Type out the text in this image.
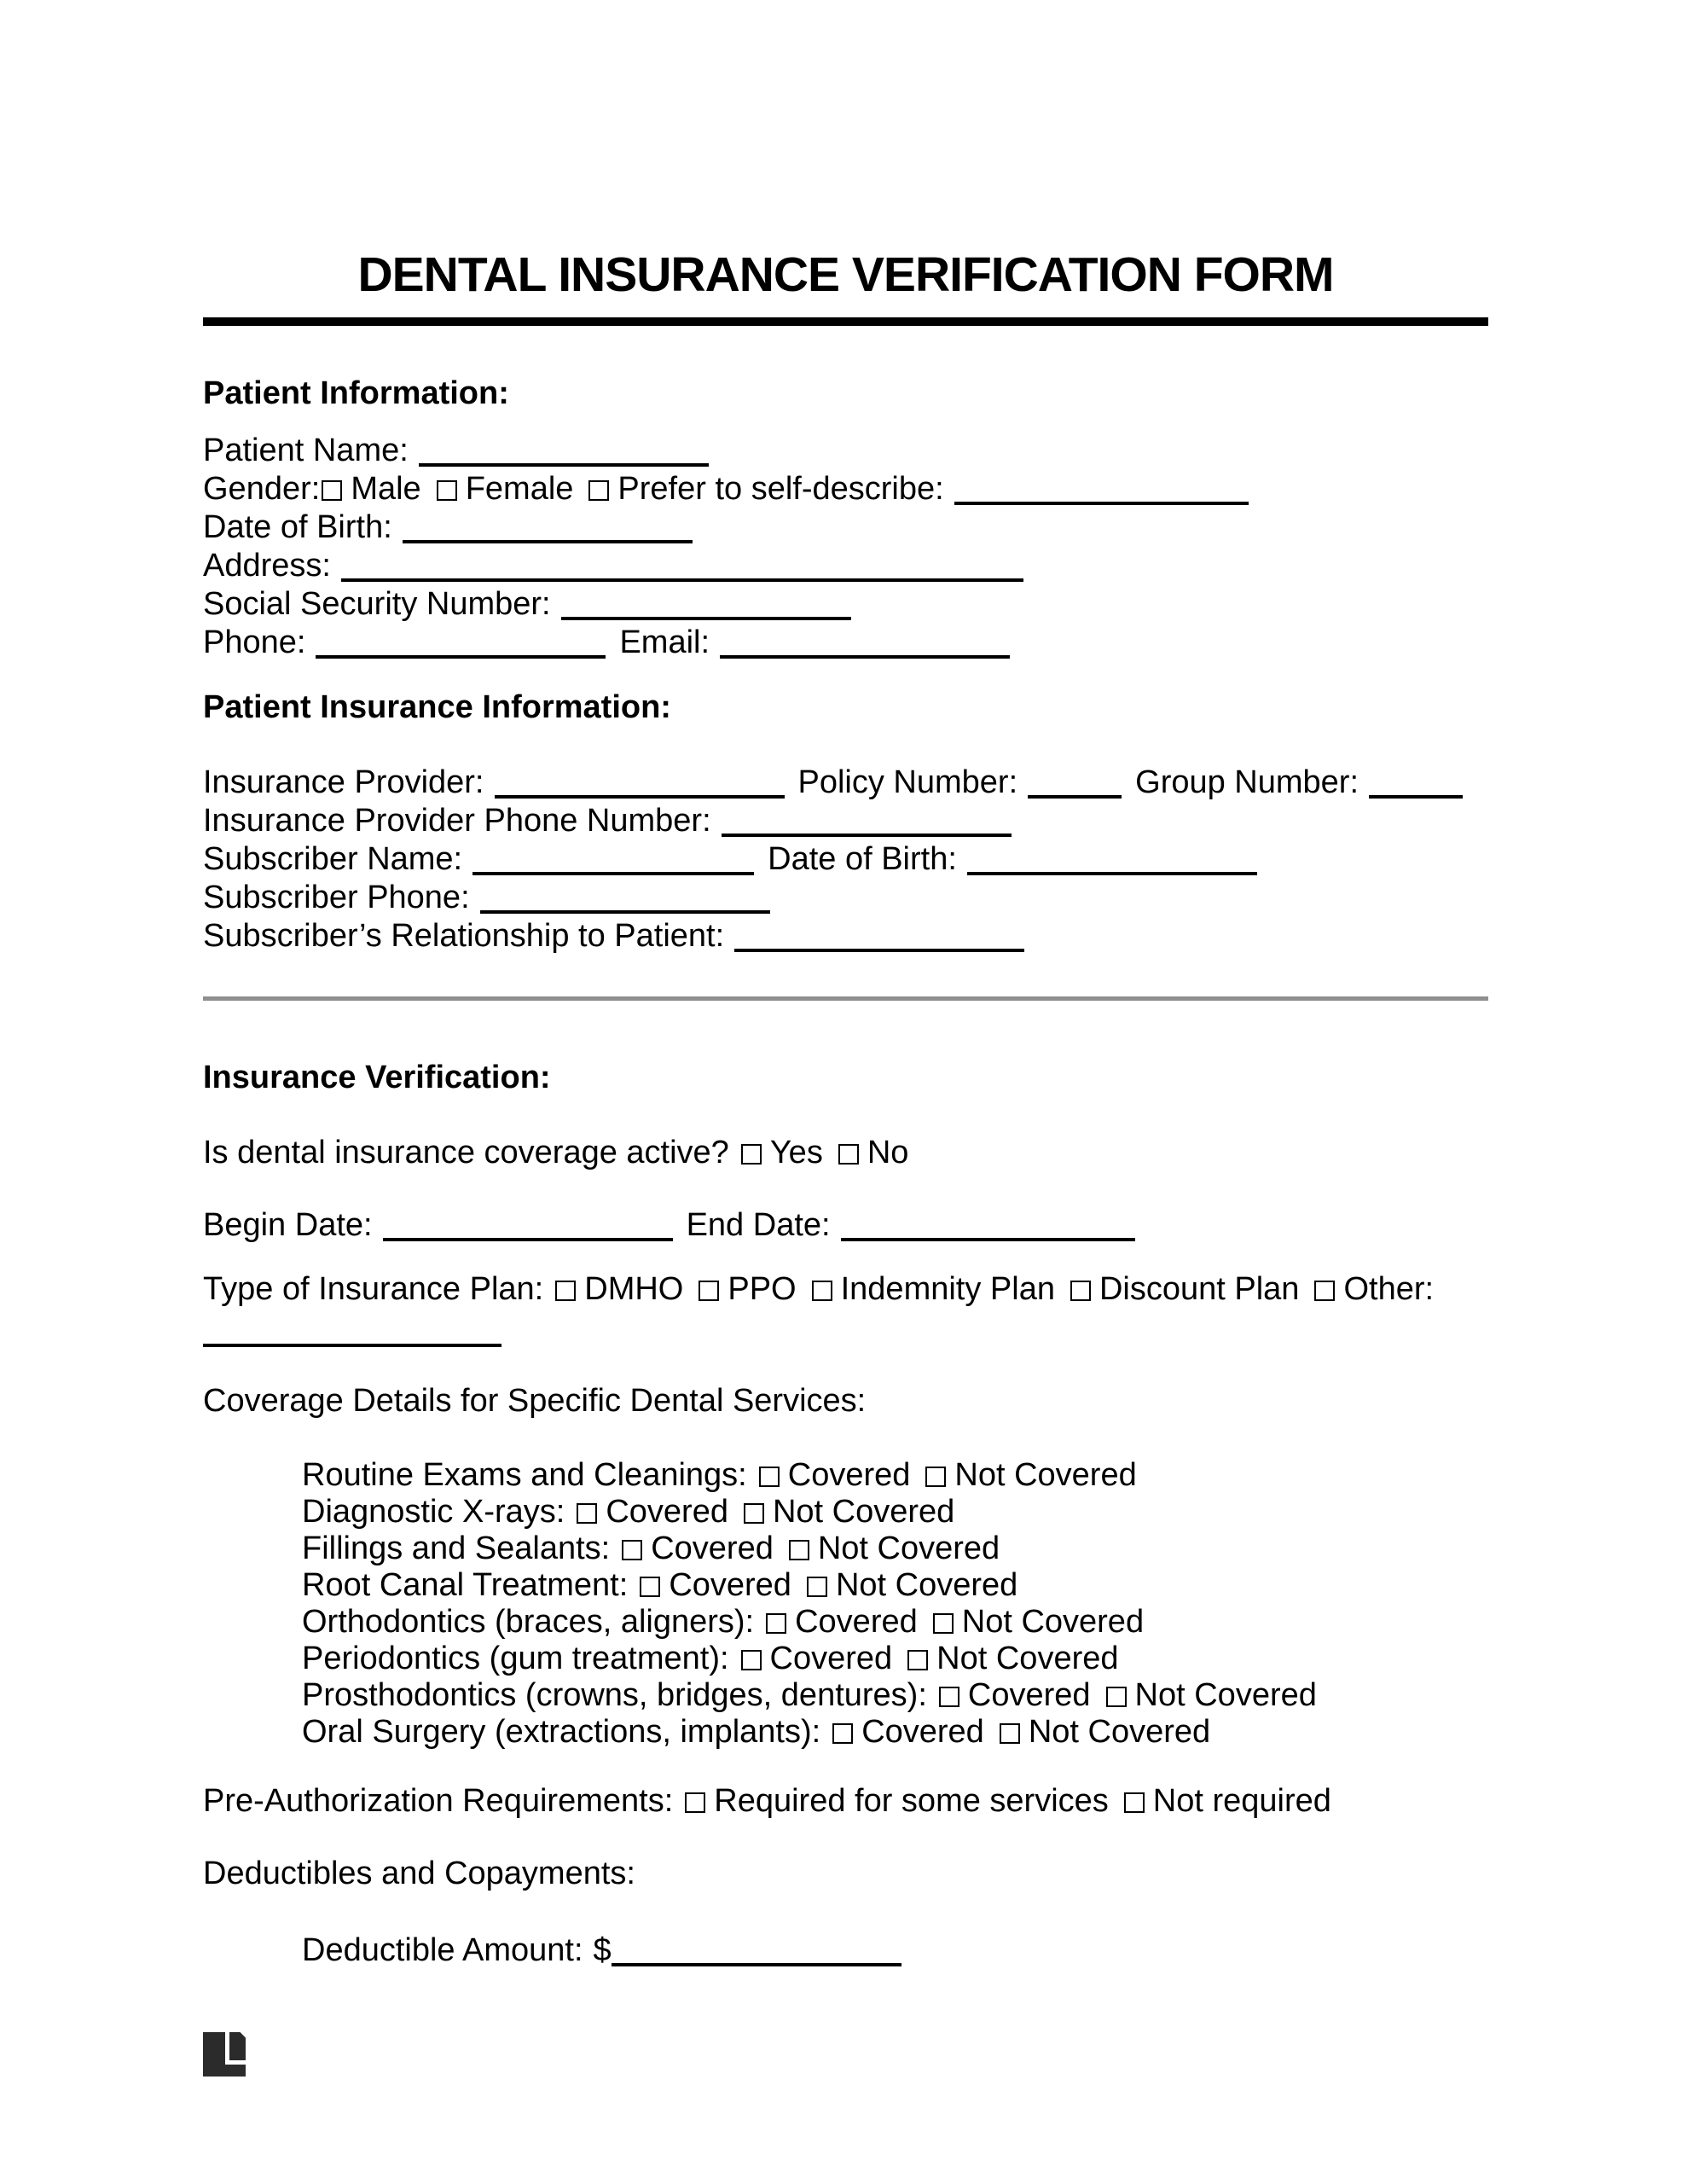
DENTAL INSURANCE VERIFICATION FORM
Patient Information:
Patient Name:
Gender: Male Female Prefer to self-describe:
Date of Birth:
Address:
Social Security Number:
Phone:	Email:
Patient Insurance Information:
Insurance Provider:	Policy Number:	Group Number:
Insurance Provider Phone Number:
Subscriber Name:	Date of Birth:
Subscriber Phone:
Subscriber’s Relationship to Patient:
Insurance Verification:
Is dental insurance coverage active? Yes No
Begin Date:	End Date:
Type of Insurance Plan: DMHO PPO Indemnity Plan Discount Plan Other:
Coverage Details for Specific Dental Services:
Routine Exams and Cleanings: Covered Not Covered
Diagnostic X-rays: Covered Not Covered
Fillings and Sealants: Covered Not Covered
Root Canal Treatment: Covered Not Covered
Orthodontics (braces, aligners): Covered Not Covered
Periodontics (gum treatment): Covered Not Covered
Prosthodontics (crowns, bridges, dentures): Covered Not Covered
Oral Surgery (extractions, implants): Covered Not Covered
Pre-Authorization Requirements: Required for some services Not required
Deductibles and Copayments:
Deductible Amount: $
